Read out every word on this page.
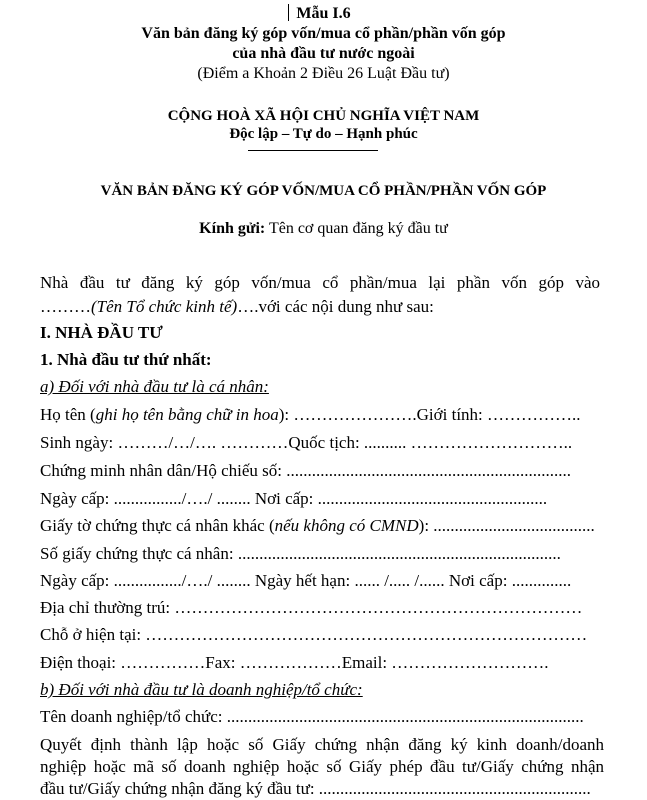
Mẫu I.6
Văn bản đăng ký góp vốn/mua cổ phần/phần vốn góp
của nhà đầu tư nước ngoài
(Điểm a Khoản 2 Điều 26 Luật Đầu tư)
CỘNG HOÀ XÃ HỘI CHỦ NGHĨA VIỆT NAM
Độc lập – Tự do – Hạnh phúc
VĂN BẢN ĐĂNG KÝ GÓP VỐN/MUA CỔ PHẦN/PHẦN VỐN GÓP
Kính gửi: Tên cơ quan đăng ký đầu tư
Nhà đầu tư đăng ký góp vốn/mua cổ phần/mua lại phần vốn góp vào
………(Tên Tổ chức kinh tế)….với các nội dung như sau:
I. NHÀ ĐẦU TƯ
1. Nhà đầu tư thứ nhất:
a) Đối với nhà đầu tư là cá nhân:
Họ tên (ghi họ tên bằng chữ in hoa): ………………….Giới tính: ……………..
Sinh ngày: ………/…/…. …………Quốc tịch: .......... ………………………..
Chứng minh nhân dân/Hộ chiếu số: ...................................................................
Ngày cấp: ................/…./ ........ Nơi cấp: ......................................................
Giấy tờ chứng thực cá nhân khác (nếu không có CMND): ......................................
Số giấy chứng thực cá nhân: ............................................................................
Ngày cấp: ................/…./ ........ Ngày hết hạn: ...... /..... /...... Nơi cấp: ..............
Địa chỉ thường trú: ………………………………………………………………
Chỗ ở hiện tại: ……………………………………………………………………
Điện thoại: ……………Fax: ………………Email: ……………………….
b) Đối với nhà đầu tư là doanh nghiệp/tổ chức:
Tên doanh nghiệp/tổ chức: ....................................................................................
Quyết định thành lập hoặc số Giấy chứng nhận đăng ký kinh doanh/doanh
nghiệp hoặc mã số doanh nghiệp hoặc số Giấy phép đầu tư/Giấy chứng nhận
đầu tư/Giấy chứng nhận đăng ký đầu tư: ................................................................
